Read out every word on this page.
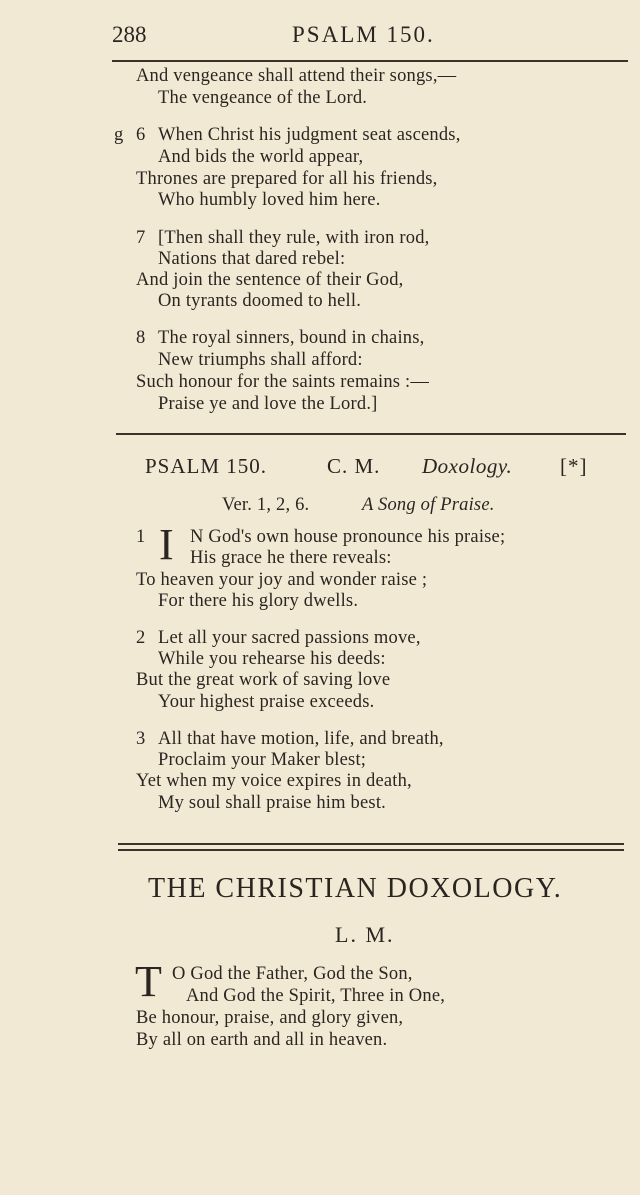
288	PSALM 150.
And vengeance shall attend their songs,—
The vengeance of the Lord.
g 6 When Christ his judgment seat ascends,
And bids the world appear,
Thrones are prepared for all his friends,
Who humbly loved him here.
7 [Then shall they rule, with iron rod,
Nations that dared rebel:
And join the sentence of their God,
On tyrants doomed to hell.
8 The royal sinners, bound in chains,
New triumphs shall afford:
Such honour for the saints remains :—
Praise ye and love the Lord.]
PSALM 150.	C. M. Doxology. [*]
Ver. 1, 2, 6.	A Song of Praise.
1 I N God's own house pronounce his praise;
His grace he there reveals:
To heaven your joy and wonder raise ;
For there his glory dwells.
2 Let all your sacred passions move,
While you rehearse his deeds:
But the great work of saving love
Your highest praise exceeds.
3 All that have motion, life, and breath,
Proclaim your Maker blest;
Yet when my voice expires in death,
My soul shall praise him best.
THE CHRISTIAN DOXOLOGY.
L. M.
T O God the Father, God the Son,
And God the Spirit, Three in One,
Be honour, praise, and glory given,
By all on earth and all in heaven.
